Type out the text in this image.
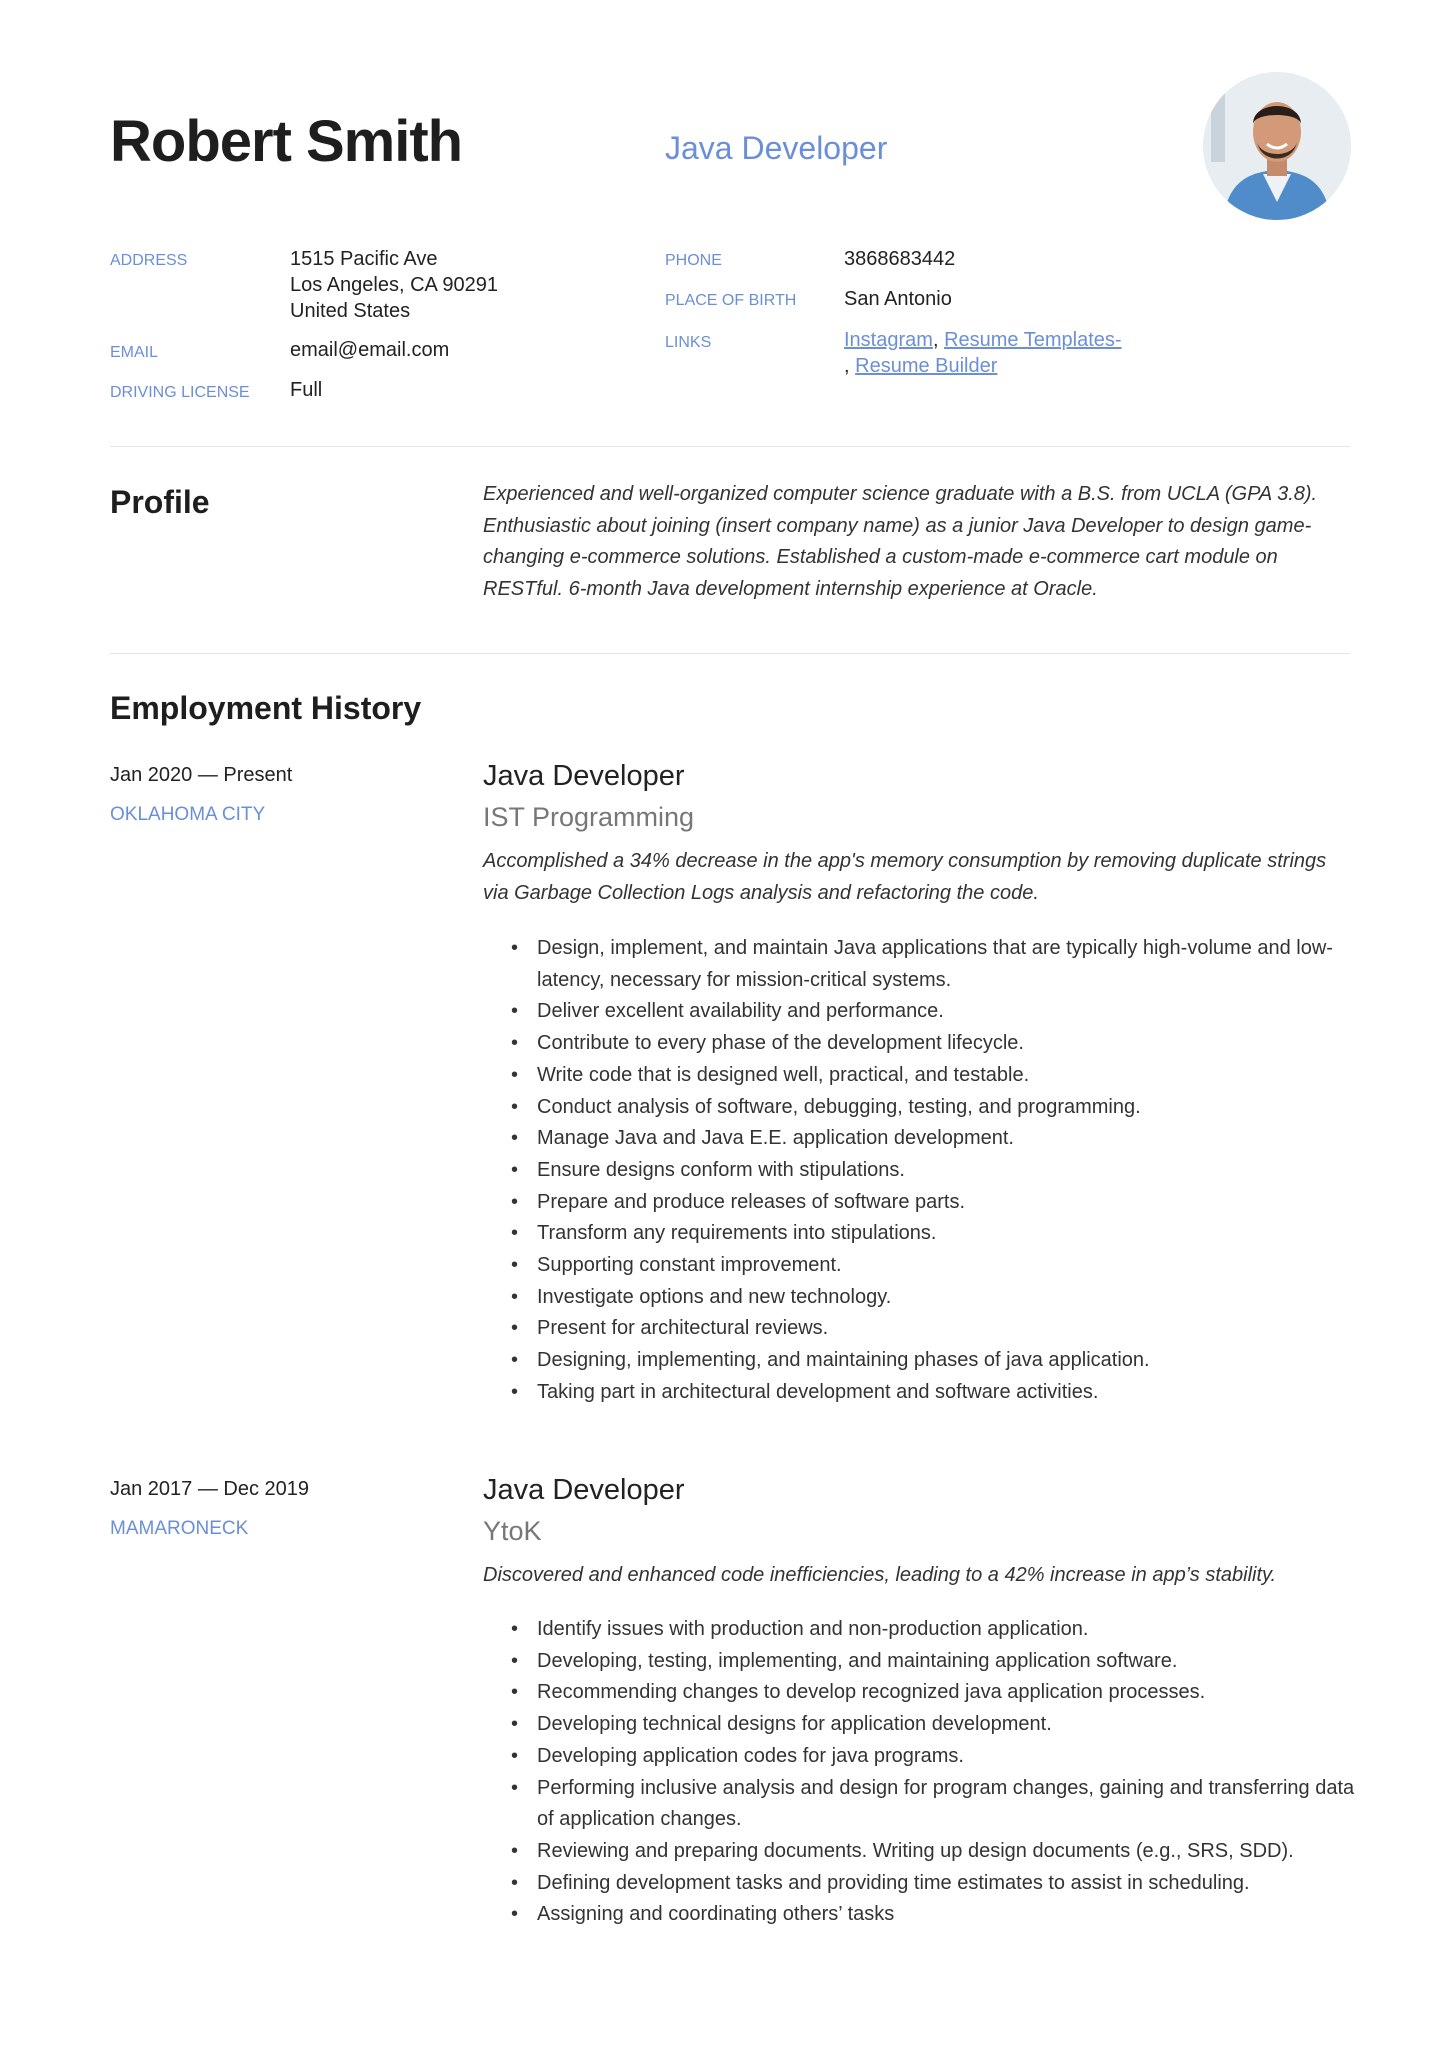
Robert Smith	Java Developer
ADDRESS	1515 Pacific Ave
Los Angeles, CA 90291
United States
EMAIL	email@email.com
DRIVING LICENSE Full
PHONE	3868683442
PLACE OF BIRTH San Antonio
LINKS	Instagram, Resume Templates-
, Resume Builder
Profile	Experienced and well-organized computer science graduate with a B.S. from UCLA (GPA 3.8). Enthusiastic about joining (insert company name) as a junior Java Developer to design game-changing e-commerce solutions. Established a custom-made e-commerce cart module on RESTful. 6-month Java development internship experience at Oracle.
Employment History
Jan 2020 — Present
OKLAHOMA CITY
Java Developer
IST Programming
Accomplished a 34% decrease in the app's memory consumption by removing duplicate strings via Garbage Collection Logs analysis and refactoring the code.
• Design, implement, and maintain Java applications that are typically high-volume and low-latency, necessary for mission-critical systems.
• Deliver excellent availability and performance.
• Contribute to every phase of the development lifecycle.
• Write code that is designed well, practical, and testable.
• Conduct analysis of software, debugging, testing, and programming.
• Manage Java and Java E.E. application development.
• Ensure designs conform with stipulations.
• Prepare and produce releases of software parts.
• Transform any requirements into stipulations.
• Supporting constant improvement.
• Investigate options and new technology.
• Present for architectural reviews.
• Designing, implementing, and maintaining phases of java application.
• Taking part in architectural development and software activities.
Jan 2017 — Dec 2019
MAMARONECK
Java Developer
YtoK
Discovered and enhanced code inefficiencies, leading to a 42% increase in app’s stability.
• Identify issues with production and non-production application.
• Developing, testing, implementing, and maintaining application software.
• Recommending changes to develop recognized java application processes.
• Developing technical designs for application development.
• Developing application codes for java programs.
• Performing inclusive analysis and design for program changes, gaining and transferring data of application changes.
• Reviewing and preparing documents. Writing up design documents (e.g., SRS, SDD).
• Defining development tasks and providing time estimates to assist in scheduling.
• Assigning and coordinating others’ tasks
